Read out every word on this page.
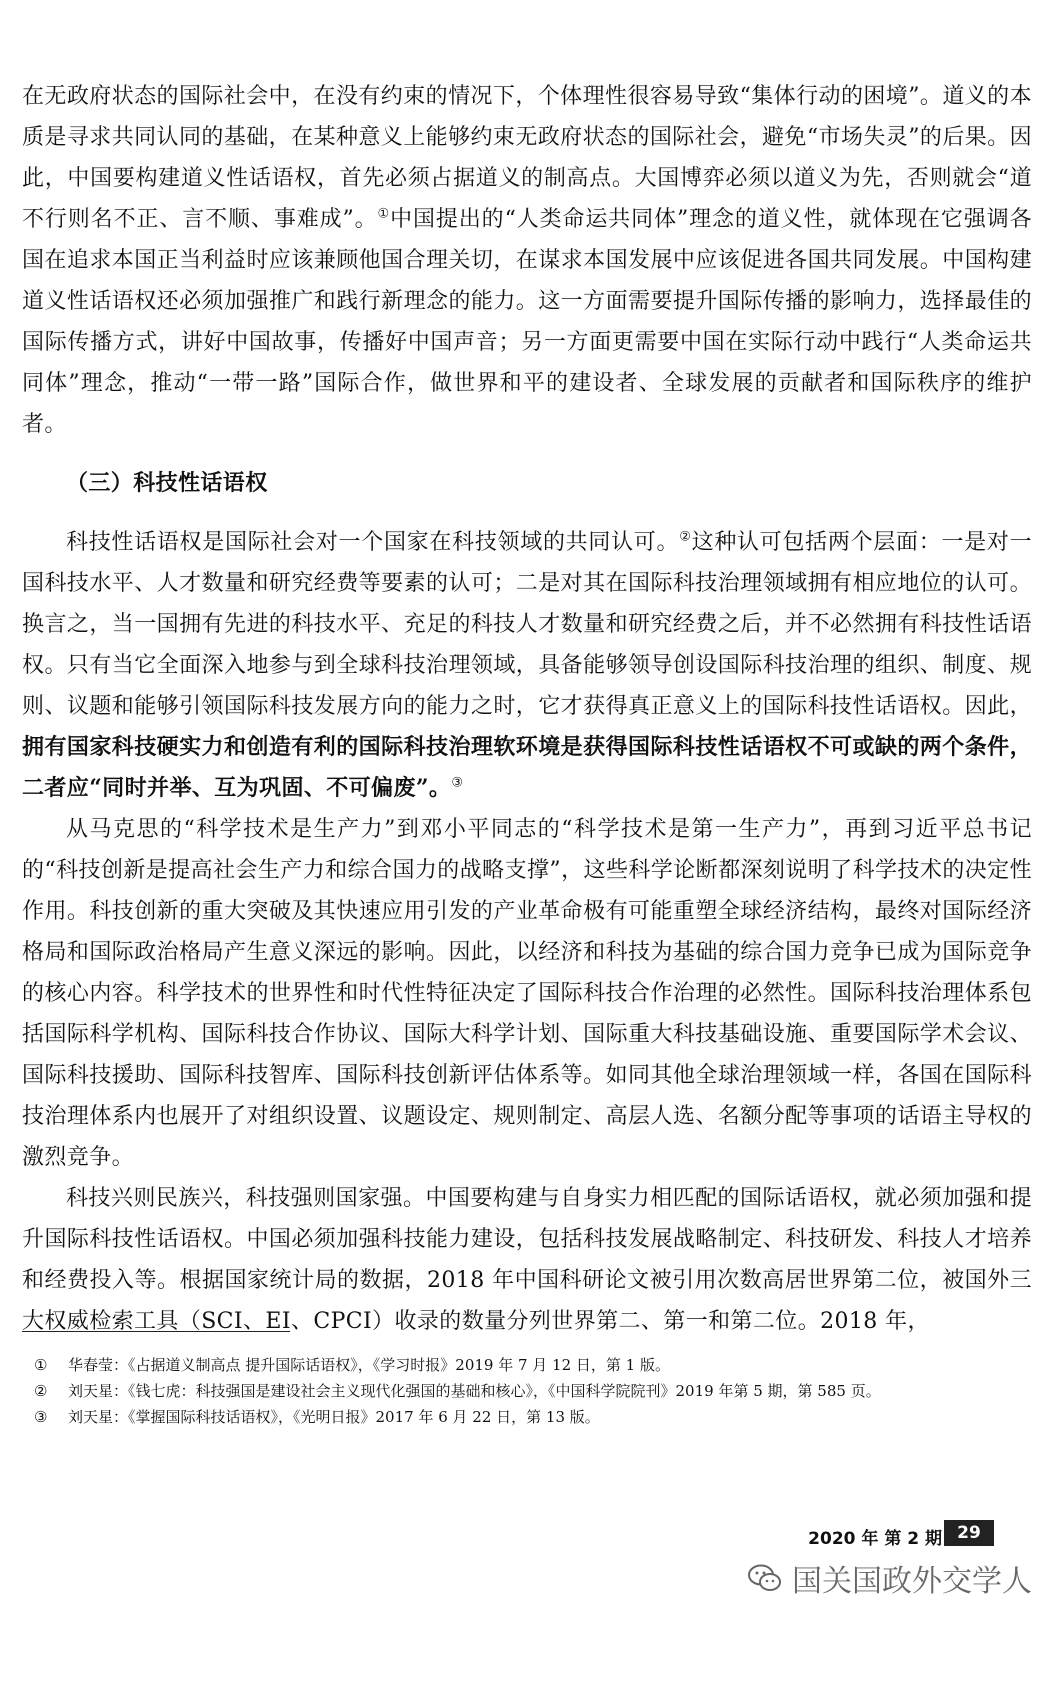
在无政府状态的国际社会中，在没有约束的情况下，个体理性很容易导致“集体行动的困境”。道义的本质是寻求共同认同的基础，在某种意义上能够约束无政府状态的国际社会，避免“市场失灵”的后果。因此，中国要构建道义性话语权，首先必须占据道义的制高点。大国博弈必须以道义为先，否则就会“道不行则名不正、言不顺、事难成”。①中国提出的“人类命运共同体”理念的道义性，就体现在它强调各国在追求本国正当利益时应该兼顾他国合理关切，在谋求本国发展中应该促进各国共同发展。中国构建道义性话语权还必须加强推广和践行新理念的能力。这一方面需要提升国际传播的影响力，选择最佳的国际传播方式，讲好中国故事，传播好中国声音；另一方面更需要中国在实际行动中践行“人类命运共同体”理念，推动“一带一路”国际合作，做世界和平的建设者、全球发展的贡献者和国际秩序的维护者。

（三）科技性话语权

科技性话语权是国际社会对一个国家在科技领域的共同认可。②这种认可包括两个层面：一是对一国科技水平、人才数量和研究经费等要素的认可；二是对其在国际科技治理领域拥有相应地位的认可。换言之，当一国拥有先进的科技水平、充足的科技人才数量和研究经费之后，并不必然拥有科技性话语权。只有当它全面深入地参与到全球科技治理领域，具备能够领导创设国际科技治理的组织、制度、规则、议题和能够引领国际科技发展方向的能力之时，它才获得真正意义上的国际科技性话语权。因此，拥有国家科技硬实力和创造有利的国际科技治理软环境是获得国际科技性话语权不可或缺的两个条件，二者应“同时并举、互为巩固、不可偏废”。③

从马克思的“科学技术是生产力”到邓小平同志的“科学技术是第一生产力”，再到习近平总书记的“科技创新是提高社会生产力和综合国力的战略支撑”，这些科学论断都深刻说明了科学技术的决定性作用。科技创新的重大突破及其快速应用引发的产业革命极有可能重塑全球经济结构，最终对国际经济格局和国际政治格局产生意义深远的影响。因此，以经济和科技为基础的综合国力竞争已成为国际竞争的核心内容。科学技术的世界性和时代性特征决定了国际科技合作治理的必然性。国际科技治理体系包括国际科学机构、国际科技合作协议、国际大科学计划、国际重大科技基础设施、重要国际学术会议、国际科技援助、国际科技智库、国际科技创新评估体系等。如同其他全球治理领域一样，各国在国际科技治理体系内也展开了对组织设置、议题设定、规则制定、高层人选、名额分配等事项的话语主导权的激烈竞争。

科技兴则民族兴，科技强则国家强。中国要构建与自身实力相匹配的国际话语权，就必须加强和提升国际科技性话语权。中国必须加强科技能力建设，包括科技发展战略制定、科技研发、科技人才培养和经费投入等。根据国家统计局的数据，2018 年中国科研论文被引用次数高居世界第二位，被国外三大权威检索工具（SCI、EI、CPCI）收录的数量分列世界第二、第一和第二位。2018 年，

① 华春莹：《占据道义制高点 提升国际话语权》，《学习时报》2019 年 7 月 12 日，第 1 版。
② 刘天星：《钱七虎：科技强国是建设社会主义现代化强国的基础和核心》，《中国科学院院刊》2019 年第 5 期，第 585 页。
③ 刘天星：《掌握国际科技话语权》，《光明日报》2017 年 6 月 22 日，第 13 版。
2020 年 第 2 期 29
国关国政外交学人
